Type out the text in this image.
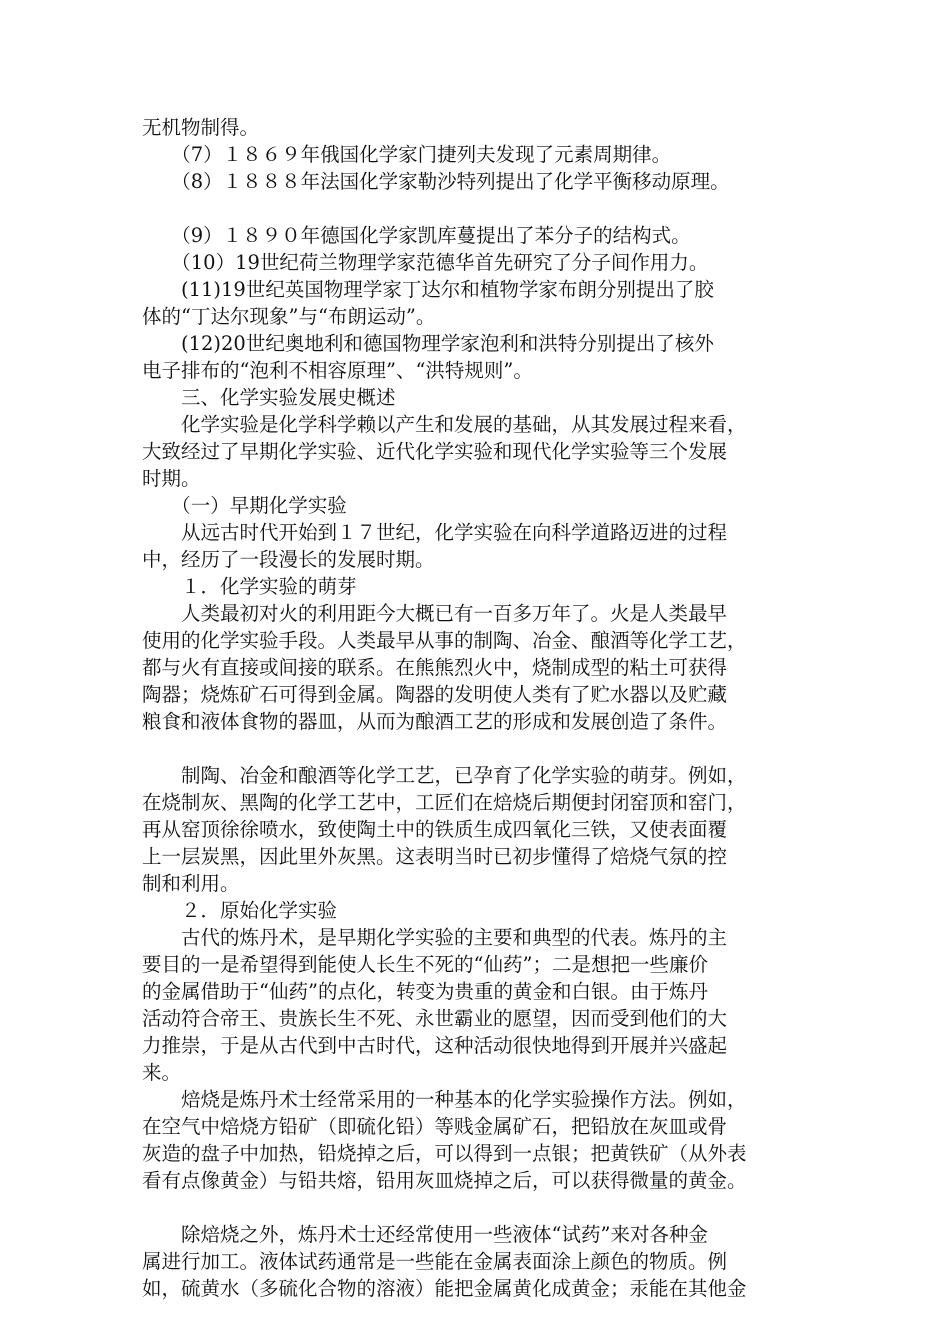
无机物制得。
　　（7）１８６９年俄国化学家门捷列夫发现了元素周期律。
　　（8）１８８８年法国化学家勒沙特列提出了化学平衡移动原理。
　　（9）１８９０年德国化学家凯库蔓提出了苯分子的结构式。
　　（10）19世纪荷兰物理学家范德华首先研究了分子间作用力。
　　(11)19世纪英国物理学家丁达尔和植物学家布朗分别提出了胶
体的“丁达尔现象”与“布朗运动”。
　　(12)20世纪奥地利和德国物理学家泡利和洪特分别提出了核外
电子排布的“泡利不相容原理”、“洪特规则”。
　　三、化学实验发展史概述
　　化学实验是化学科学赖以产生和发展的基础，从其发展过程来看，
大致经过了早期化学实验、近代化学实验和现代化学实验等三个发展
时期。
　　（一）早期化学实验
　　从远古时代开始到１７世纪，化学实验在向科学道路迈进的过程
中，经历了一段漫长的发展时期。
　　１．化学实验的萌芽
　　人类最初对火的利用距今大概已有一百多万年了。火是人类最早
使用的化学实验手段。人类最早从事的制陶、冶金、酿酒等化学工艺，
都与火有直接或间接的联系。在熊熊烈火中，烧制成型的粘土可获得
陶器；烧炼矿石可得到金属。陶器的发明使人类有了贮水器以及贮藏
粮食和液体食物的器皿，从而为酿酒工艺的形成和发展创造了条件。
　　制陶、冶金和酿酒等化学工艺，已孕育了化学实验的萌芽。例如，
在烧制灰、黑陶的化学工艺中，工匠们在焙烧后期便封闭窑顶和窑门，
再从窑顶徐徐喷水，致使陶土中的铁质生成四氧化三铁，又使表面覆
上一层炭黑，因此里外灰黑。这表明当时已初步懂得了焙烧气氛的控
制和利用。
　　２．原始化学实验
　　古代的炼丹术，是早期化学实验的主要和典型的代表。炼丹的主
要目的一是希望得到能使人长生不死的“仙药”；二是想把一些廉价
的金属借助于“仙药”的点化，转变为贵重的黄金和白银。由于炼丹
活动符合帝王、贵族长生不死、永世霸业的愿望，因而受到他们的大
力推崇，于是从古代到中古时代，这种活动很快地得到开展并兴盛起
来。
　　焙烧是炼丹术士经常采用的一种基本的化学实验操作方法。例如，
在空气中焙烧方铅矿（即硫化铅）等贱金属矿石，把铅放在灰皿或骨
灰造的盘子中加热，铅烧掉之后，可以得到一点银；把黄铁矿（从外表
看有点像黄金）与铅共熔，铅用灰皿烧掉之后，可以获得微量的黄金。
　　除焙烧之外，炼丹术士还经常使用一些液体“试药”来对各种金
属进行加工。液体试药通常是一些能在金属表面涂上颜色的物质。例
如，硫黄水（多硫化合物的溶液）能把金属黄化成黄金；汞能在其他金
